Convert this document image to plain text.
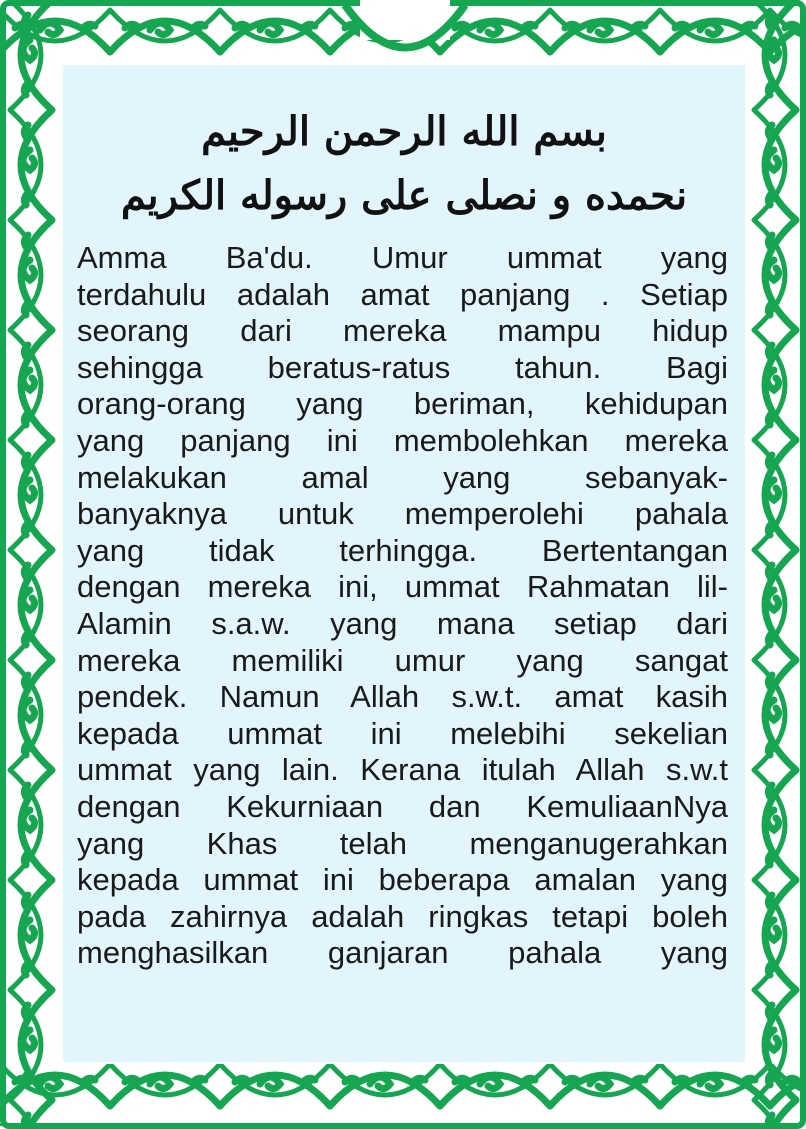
بسم الله الرحمن الرحيم
نحمده و نصلى على رسوله الكريم
Amma Ba'du. Umur ummat yang
terdahulu adalah amat panjang . Setiap
seorang dari mereka mampu hidup
sehingga beratus-ratus tahun. Bagi
orang-orang yang beriman, kehidupan
yang panjang ini membolehkan mereka
melakukan amal yang sebanyak-
banyaknya untuk memperolehi pahala
yang tidak terhingga. Bertentangan
dengan mereka ini, ummat Rahmatan lil-
Alamin s.a.w. yang mana setiap dari
mereka memiliki umur yang sangat
pendek. Namun Allah s.w.t. amat kasih
kepada ummat ini melebihi sekelian
ummat yang lain. Kerana itulah Allah s.w.t
dengan Kekurniaan dan KemuliaanNya
yang Khas telah menganugerahkan
kepada ummat ini beberapa amalan yang
pada zahirnya adalah ringkas tetapi boleh
menghasilkan ganjaran pahala yang
